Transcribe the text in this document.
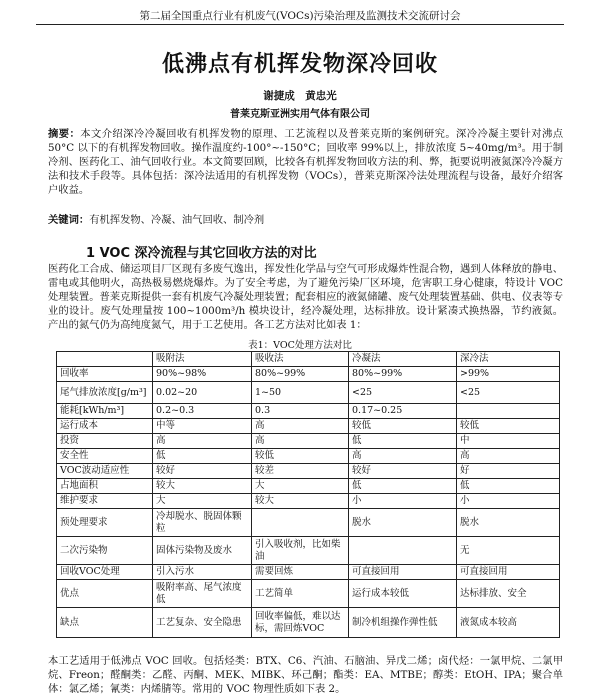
第二届全国重点行业有机废气(VOCs)污染治理及监测技术交流研讨会
低沸点有机挥发物深冷回收
谢捷成　黄忠光
普莱克斯亚洲实用气体有限公司
摘要：本文介绍深冷冷凝回收有机挥发物的原理、工艺流程以及普莱克斯的案例研究。深冷冷凝主要针对沸点 50°C 以下的有机挥发物回收。操作温度约-100°~-150°C；回收率 99%以上，排放浓度 5~40mg/m³。用于制冷剂、医药化工、油气回收行业。本文简要回顾，比较各有机挥发物回收方法的利、弊，扼要说明液氮深冷冷凝方法和技术手段等。具体包括：深冷法适用的有机挥发物（VOCs），普莱克斯深冷法处理流程与设备，最好介绍客户收益。
关键词：有机挥发物、冷凝、油气回收、制冷剂
1 VOC 深冷流程与其它回收方法的对比
医药化工合成、储运项目厂区现有多废气逸出，挥发性化学品与空气可形成爆炸性混合物，遇到人体释放的静电、雷电或其他明火，高热极易燃烧爆炸。为了安全考虑，为了避免污染厂区环境，危害职工身心健康，特设计 VOC 处理装置。普莱克斯提供一套有机废气冷凝处理装置；配套相应的液氮储罐、废气处理装置基础、供电、仪表等专业的设计。废气处理量按 100~1000m³/h 模块设计，经冷凝处理，达标排放。设计紧凑式换热器，节约液氮。产出的氮气仍为高纯度氮气，用于工艺使用。各工艺方法对比如表 1：
表1：VOC处理方法对比
	吸附法	吸收法	冷凝法	深冷法
回收率	90%~98%	80%~99%	80%~99%	>99%
尾气排放浓度[g/m³]	0.02~20	1~50	<25	<25
能耗[kWh/m³]	0.2~0.3	0.3	0.17~0.25	
运行成本	中等	高	较低	较低
投资	高	高	低	中
安全性	低	较低	高	高
VOC波动适应性	较好	较差	较好	好
占地面积	较大	大	低	低
维护要求	大	较大	小	小
预处理要求	冷却脱水、脱固体颗粒		脱水	脱水
二次污染物	固体污染物及废水	引入吸收剂，比如柴油		无
回收VOC处理	引入污水	需要回炼	可直接回用	可直接回用
优点	吸附率高、尾气浓度低	工艺简单	运行成本较低	达标排放、安全
缺点	工艺复杂、安全隐患	回收率偏低，难以达标，需回炼VOC	制冷机组操作弹性低	液氮成本较高
本工艺适用于低沸点 VOC 回收。包括烃类：BTX、C6、汽油、石脑油、异戊二烯；卤代烃：一氯甲烷、二氯甲烷、Freon；醛酮类：乙醛、丙酮、MEK、MIBK、环己酮；酯类：EA、MTBE；醇类：EtOH、IPA；聚合单体：氯乙烯；氰类：内烯腈等。常用的 VOC 物理性质如下表 2。
